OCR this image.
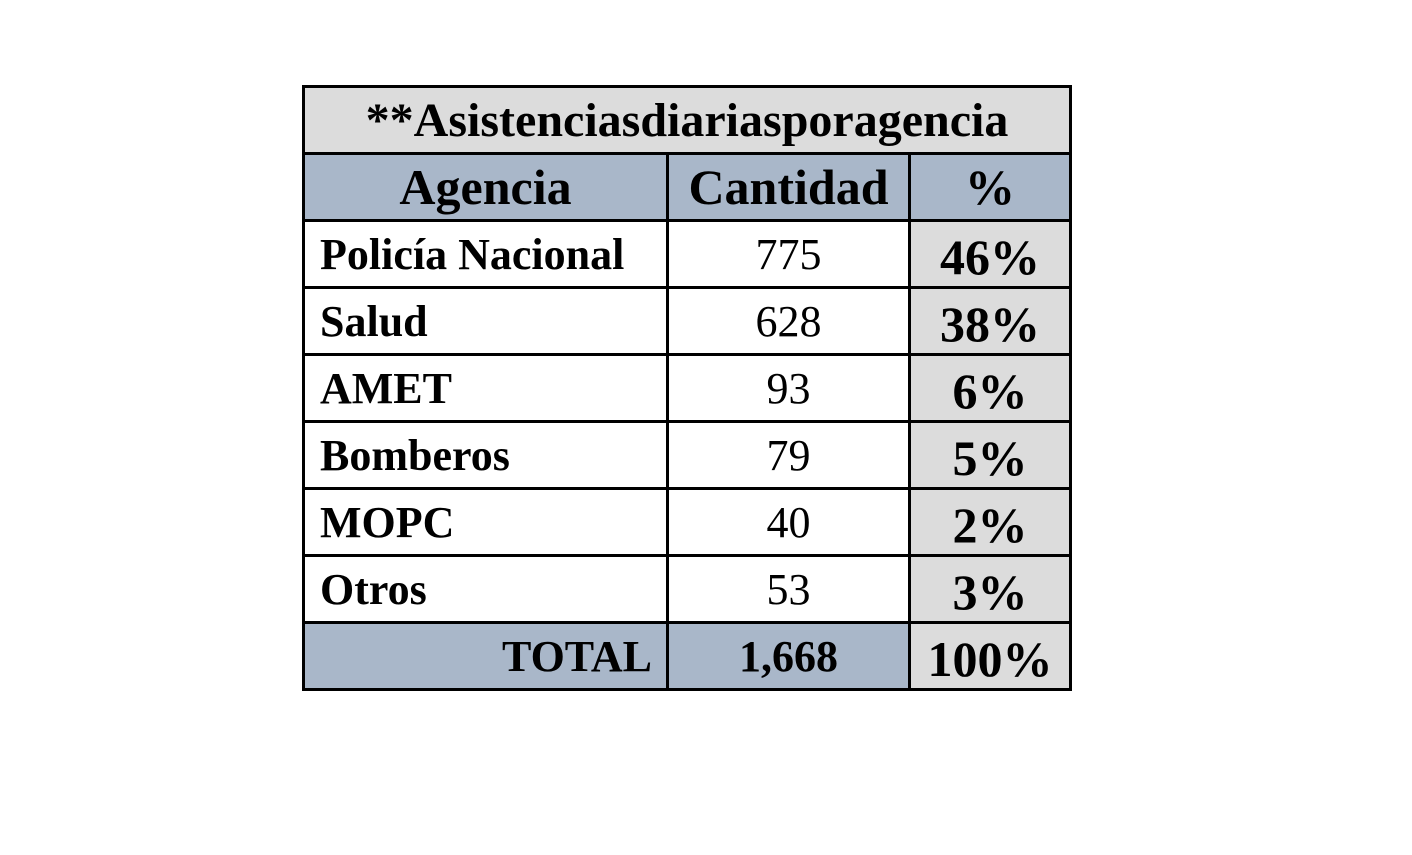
**Asistenciasdiariasporagencia		
Agencia	Cantidad	%
Policía Nacional	775	46%
Salud	628	38%
AMET	93	6%
Bomberos	79	5%
MOPC	40	2%
Otros	53	3%
TOTAL	1,668	100%
